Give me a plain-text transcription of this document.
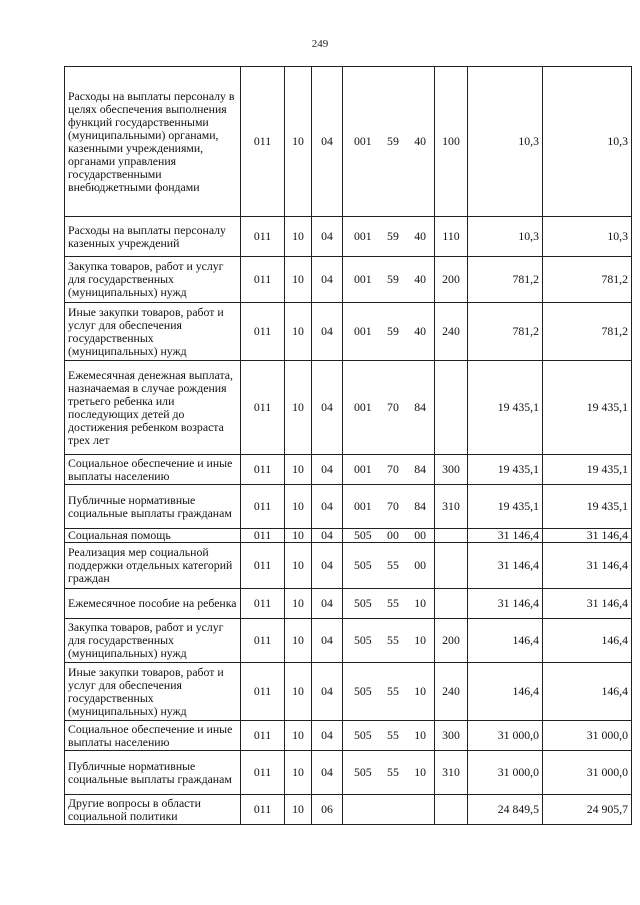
249
Расходы на выплаты персоналу в целях обеспечения выполнения функций государственными (муниципальными) органами, казенными учреждениями, органами управления государственными внебюджетными фондами	011	10	04	001 59 40	100	10,3	10,3
Расходы на выплаты персоналу казенных учреждений	011	10	04	001 59 40	110	10,3	10,3
Закупка товаров, работ и услуг для государственных (муниципальных) нужд	011	10	04	001 59 40	200	781,2	781,2
Иные закупки товаров, работ и услуг для обеспечения государственных (муниципальных) нужд	011	10	04	001 59 40	240	781,2	781,2
Ежемесячная денежная выплата, назначаемая в случае рождения третьего ребенка или последующих детей до достижения ребенком возраста трех лет	011	10	04	001 70 84		19 435,1	19 435,1
Социальное обеспечение и иные выплаты населению	011	10	04	001 70 84	300	19 435,1	19 435,1
Публичные нормативные социальные выплаты гражданам	011	10	04	001 70 84	310	19 435,1	19 435,1
Социальная помощь	011	10	04	505 00 00		31 146,4	31 146,4
Реализация мер социальной поддержки отдельных категорий граждан	011	10	04	505 55 00		31 146,4	31 146,4
Ежемесячное пособие на ребенка	011	10	04	505 55 10		31 146,4	31 146,4
Закупка товаров, работ и услуг для государственных (муниципальных) нужд	011	10	04	505 55 10	200	146,4	146,4
Иные закупки товаров, работ и услуг для обеспечения государственных (муниципальных) нужд	011	10	04	505 55 10	240	146,4	146,4
Социальное обеспечение и иные выплаты населению	011	10	04	505 55 10	300	31 000,0	31 000,0
Публичные нормативные социальные выплаты гражданам	011	10	04	505 55 10	310	31 000,0	31 000,0
Другие вопросы в области социальной политики	011	10	06			24 849,5	24 905,7
